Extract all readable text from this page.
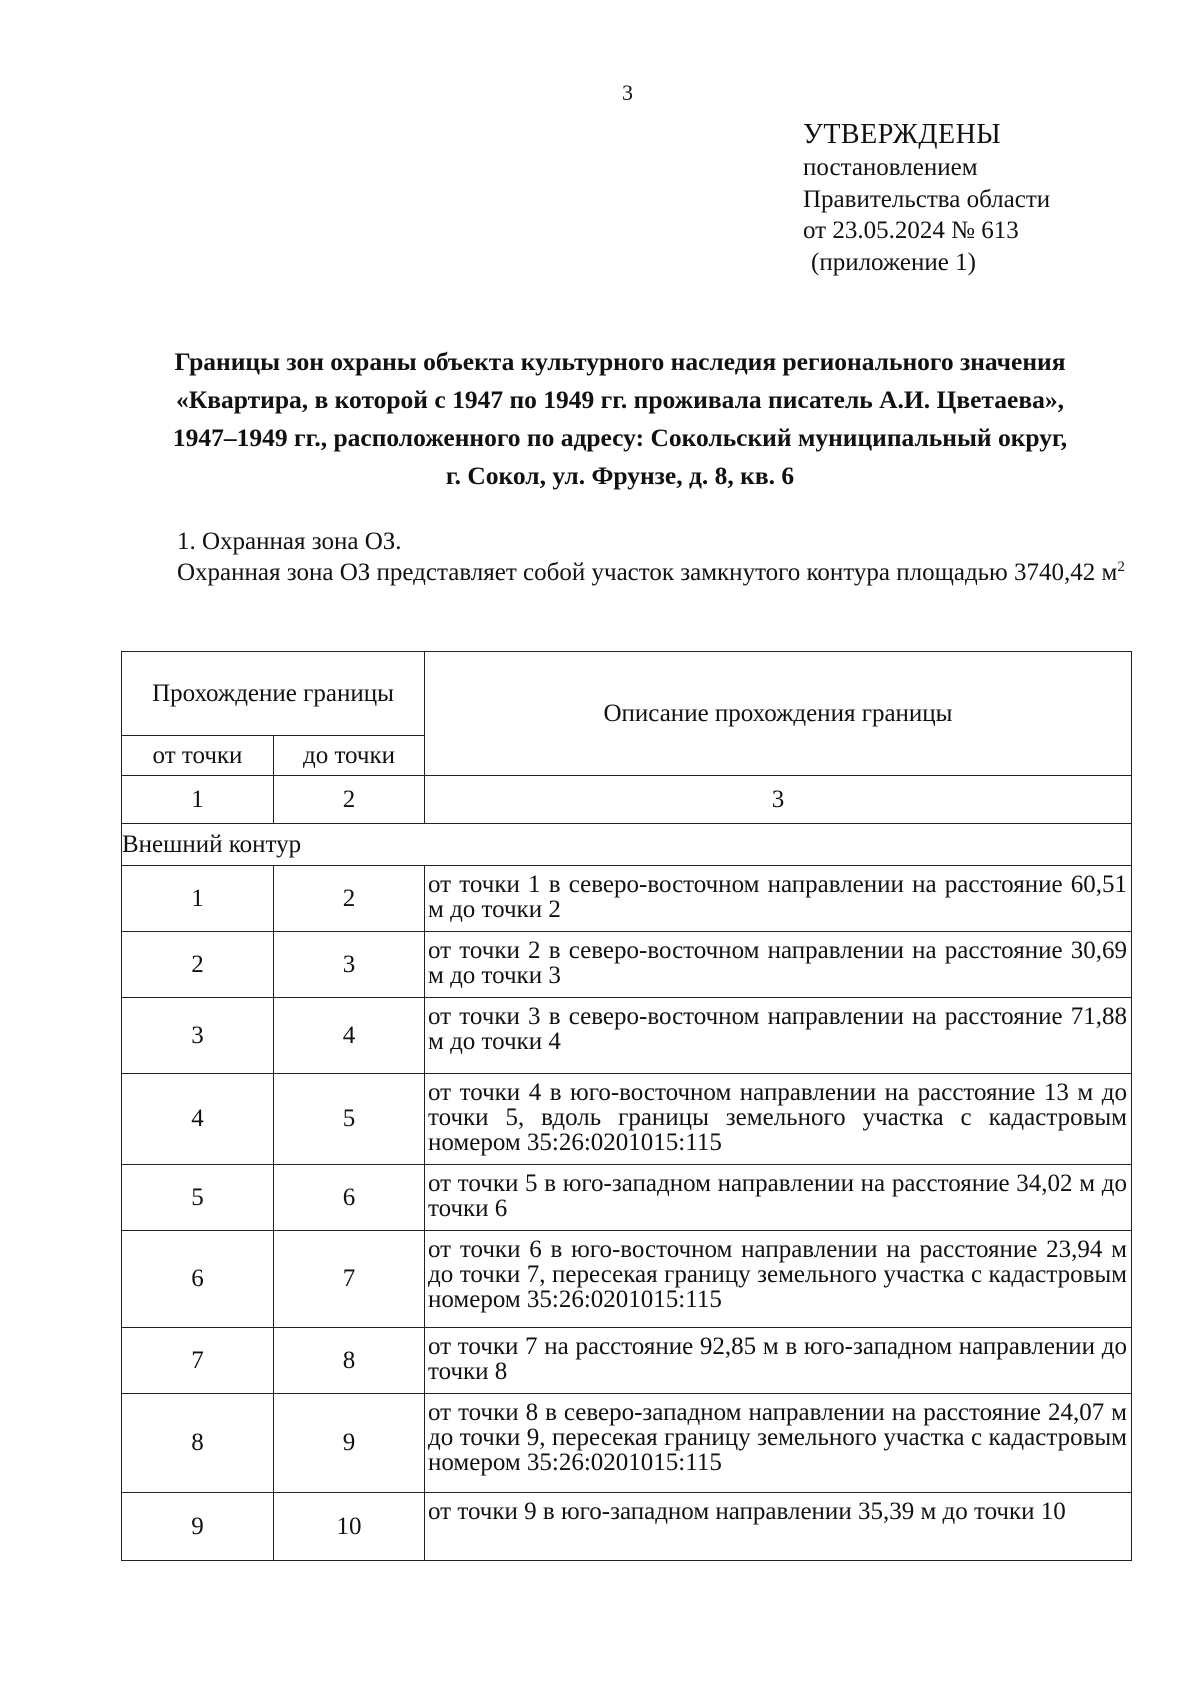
3
УТВЕРЖДЕНЫ
постановлением
Правительства области
от 23.05.2024 № 613
(приложение 1)
Границы зон охраны объекта культурного наследия регионального значения
«Квартира, в которой с 1947 по 1949 гг. проживала писатель А.И. Цветаева»,
1947–1949 гг., расположенного по адресу: Сокольский муниципальный округ,
г. Сокол, ул. Фрунзе, д. 8, кв. 6
1. Охранная зона ОЗ.
Охранная зона ОЗ представляет собой участок замкнутого контура площадью 3740,42 $м^2$
Прохождение границы		Описание прохождения границы
от точки	до точки	
1	2	3
Внешний контур		
1	2	от точки 1 в северо-восточном направлении на расстояние 60,51 м до точки 2
2	3	от точки 2 в северо-восточном направлении на расстояние 30,69 м до точки 3
3	4	от точки 3 в северо-восточном направлении на расстояние 71,88 м до точки 4
4	5	от точки 4 в юго-восточном направлении на расстояние 13 м до точки 5, вдоль границы земельного участка с кадастровым номером 35:26:0201015:115
5	6	от точки 5 в юго-западном направлении на расстояние 34,02 м до точки 6
6	7	от точки 6 в юго-восточном направлении на расстояние 23,94 м до точки 7, пересекая границу земельного участка с кадастровым номером 35:26:0201015:115
7	8	от точки 7 на расстояние 92,85 м в юго-западном направлении до точки 8
8	9	от точки 8 в северо-западном направлении на расстояние 24,07 м до точки 9, пересекая границу земельного участка с кадастровым номером 35:26:0201015:115
9	10	от точки 9 в юго-западном направлении 35,39 м до точки 10
